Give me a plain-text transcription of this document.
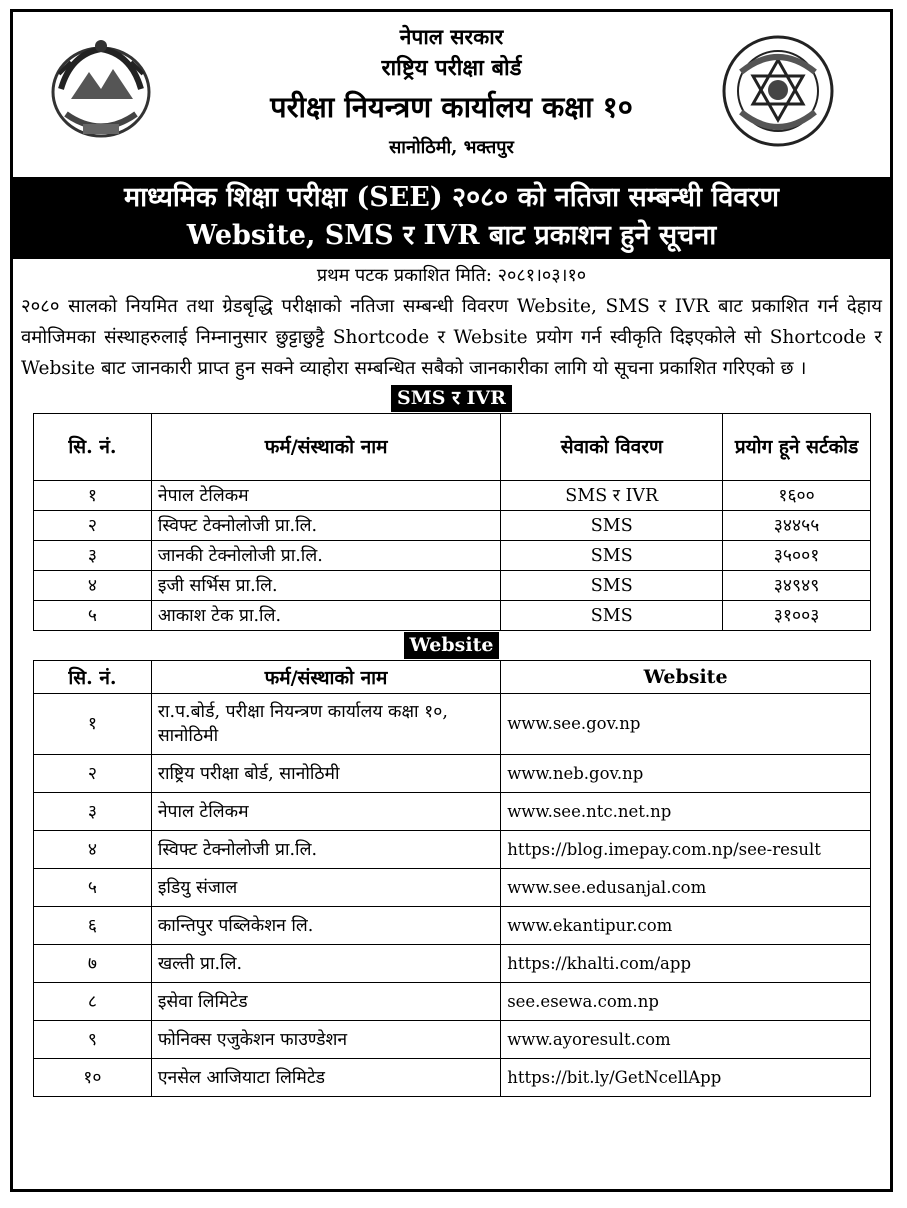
नेपाल सरकार
राष्ट्रिय परीक्षा बोर्ड
परीक्षा नियन्त्रण कार्यालय कक्षा १०
सानोठिमी, भक्तपुर
माध्यमिक शिक्षा परीक्षा (SEE) २०८० को नतिजा सम्बन्धी विवरण
Website, SMS र IVR बाट प्रकाशन हुने सूचना
प्रथम पटक प्रकाशित मिति: २०८१।०३।१०
२०८० सालको नियमित तथा ग्रेडबृद्धि परीक्षाको नतिजा सम्बन्धी विवरण Website, SMS र IVR बाट प्रकाशित गर्न देहाय वमोजिमका संस्थाहरुलाई निम्नानुसार छुट्टाछुट्टै Shortcode र Website प्रयोग गर्न स्वीकृति दिइएकोले सो Shortcode र Website बाट जानकारी प्राप्त हुन सक्ने व्याहोरा सम्बन्धित सबैको जानकारीका लागि यो सूचना प्रकाशित गरिएको छ ।
SMS र IVR
सि. नं.	फर्म/संस्थाको नाम	सेवाको विवरण	प्रयोग हूने सर्टकोड
१	नेपाल टेलिकम	SMS र IVR	१६००
२	स्विफ्ट टेक्नोलोजी प्रा.लि.	SMS	३४४५५
३	जानकी टेक्नोलोजी प्रा.लि.	SMS	३५००१
४	इजी सर्भिस प्रा.लि.	SMS	३४९४९
५	आकाश टेक प्रा.लि.	SMS	३१००३
Website
सि. नं.	फर्म/संस्थाको नाम	Website
१	रा.प.बोर्ड, परीक्षा नियन्त्रण कार्यालय कक्षा १०, सानोठिमी	www.see.gov.np
२	राष्ट्रिय परीक्षा बोर्ड, सानोठिमी	www.neb.gov.np
३	नेपाल टेलिकम	www.see.ntc.net.np
४	स्विफ्ट टेक्नोलोजी प्रा.लि.	https://blog.imepay.com.np/see-result
५	इडियु संजाल	www.see.edusanjal.com
६	कान्तिपुर पब्लिकेशन लि.	www.ekantipur.com
७	खल्ती प्रा.लि.	https://khalti.com/app
८	इसेवा लिमिटेड	see.esewa.com.np
९	फोनिक्स एजुकेशन फाउण्डेशन	www.ayoresult.com
१०	एनसेल आजियाटा लिमिटेड	https://bit.ly/GetNcellApp
